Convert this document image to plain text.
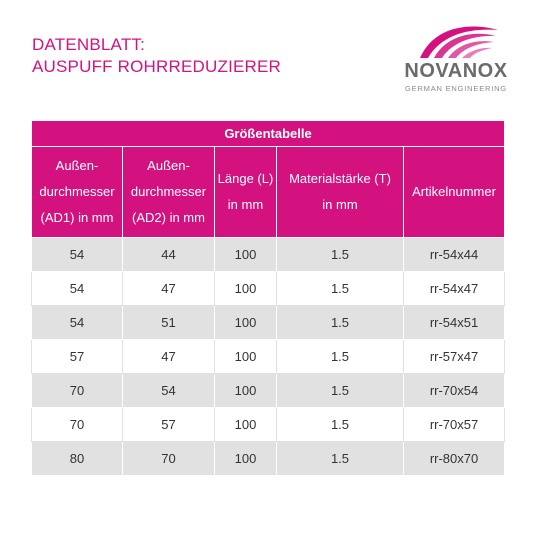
DATENBLATT:
AUSPUFF ROHRREDUZIERER	NOVANOX
GERMAN ENGINEERING
Größentabelle				

Außen-
durchmesser
(AD1) in mm	Außen-
durchmesser
(AD2) in mm	Länge (L)
in mm	Materialstärke (T)
in mm	Artikelnummer

54	44	100	1.5	rr-54x44
54	47	100	1.5	rr-54x47
54	51	100	1.5	rr-54x51
57	47	100	1.5	rr-57x47
70	54	100	1.5	rr-70x54
70	57	100	1.5	rr-70x57
80	70	100	1.5	rr-80x70
